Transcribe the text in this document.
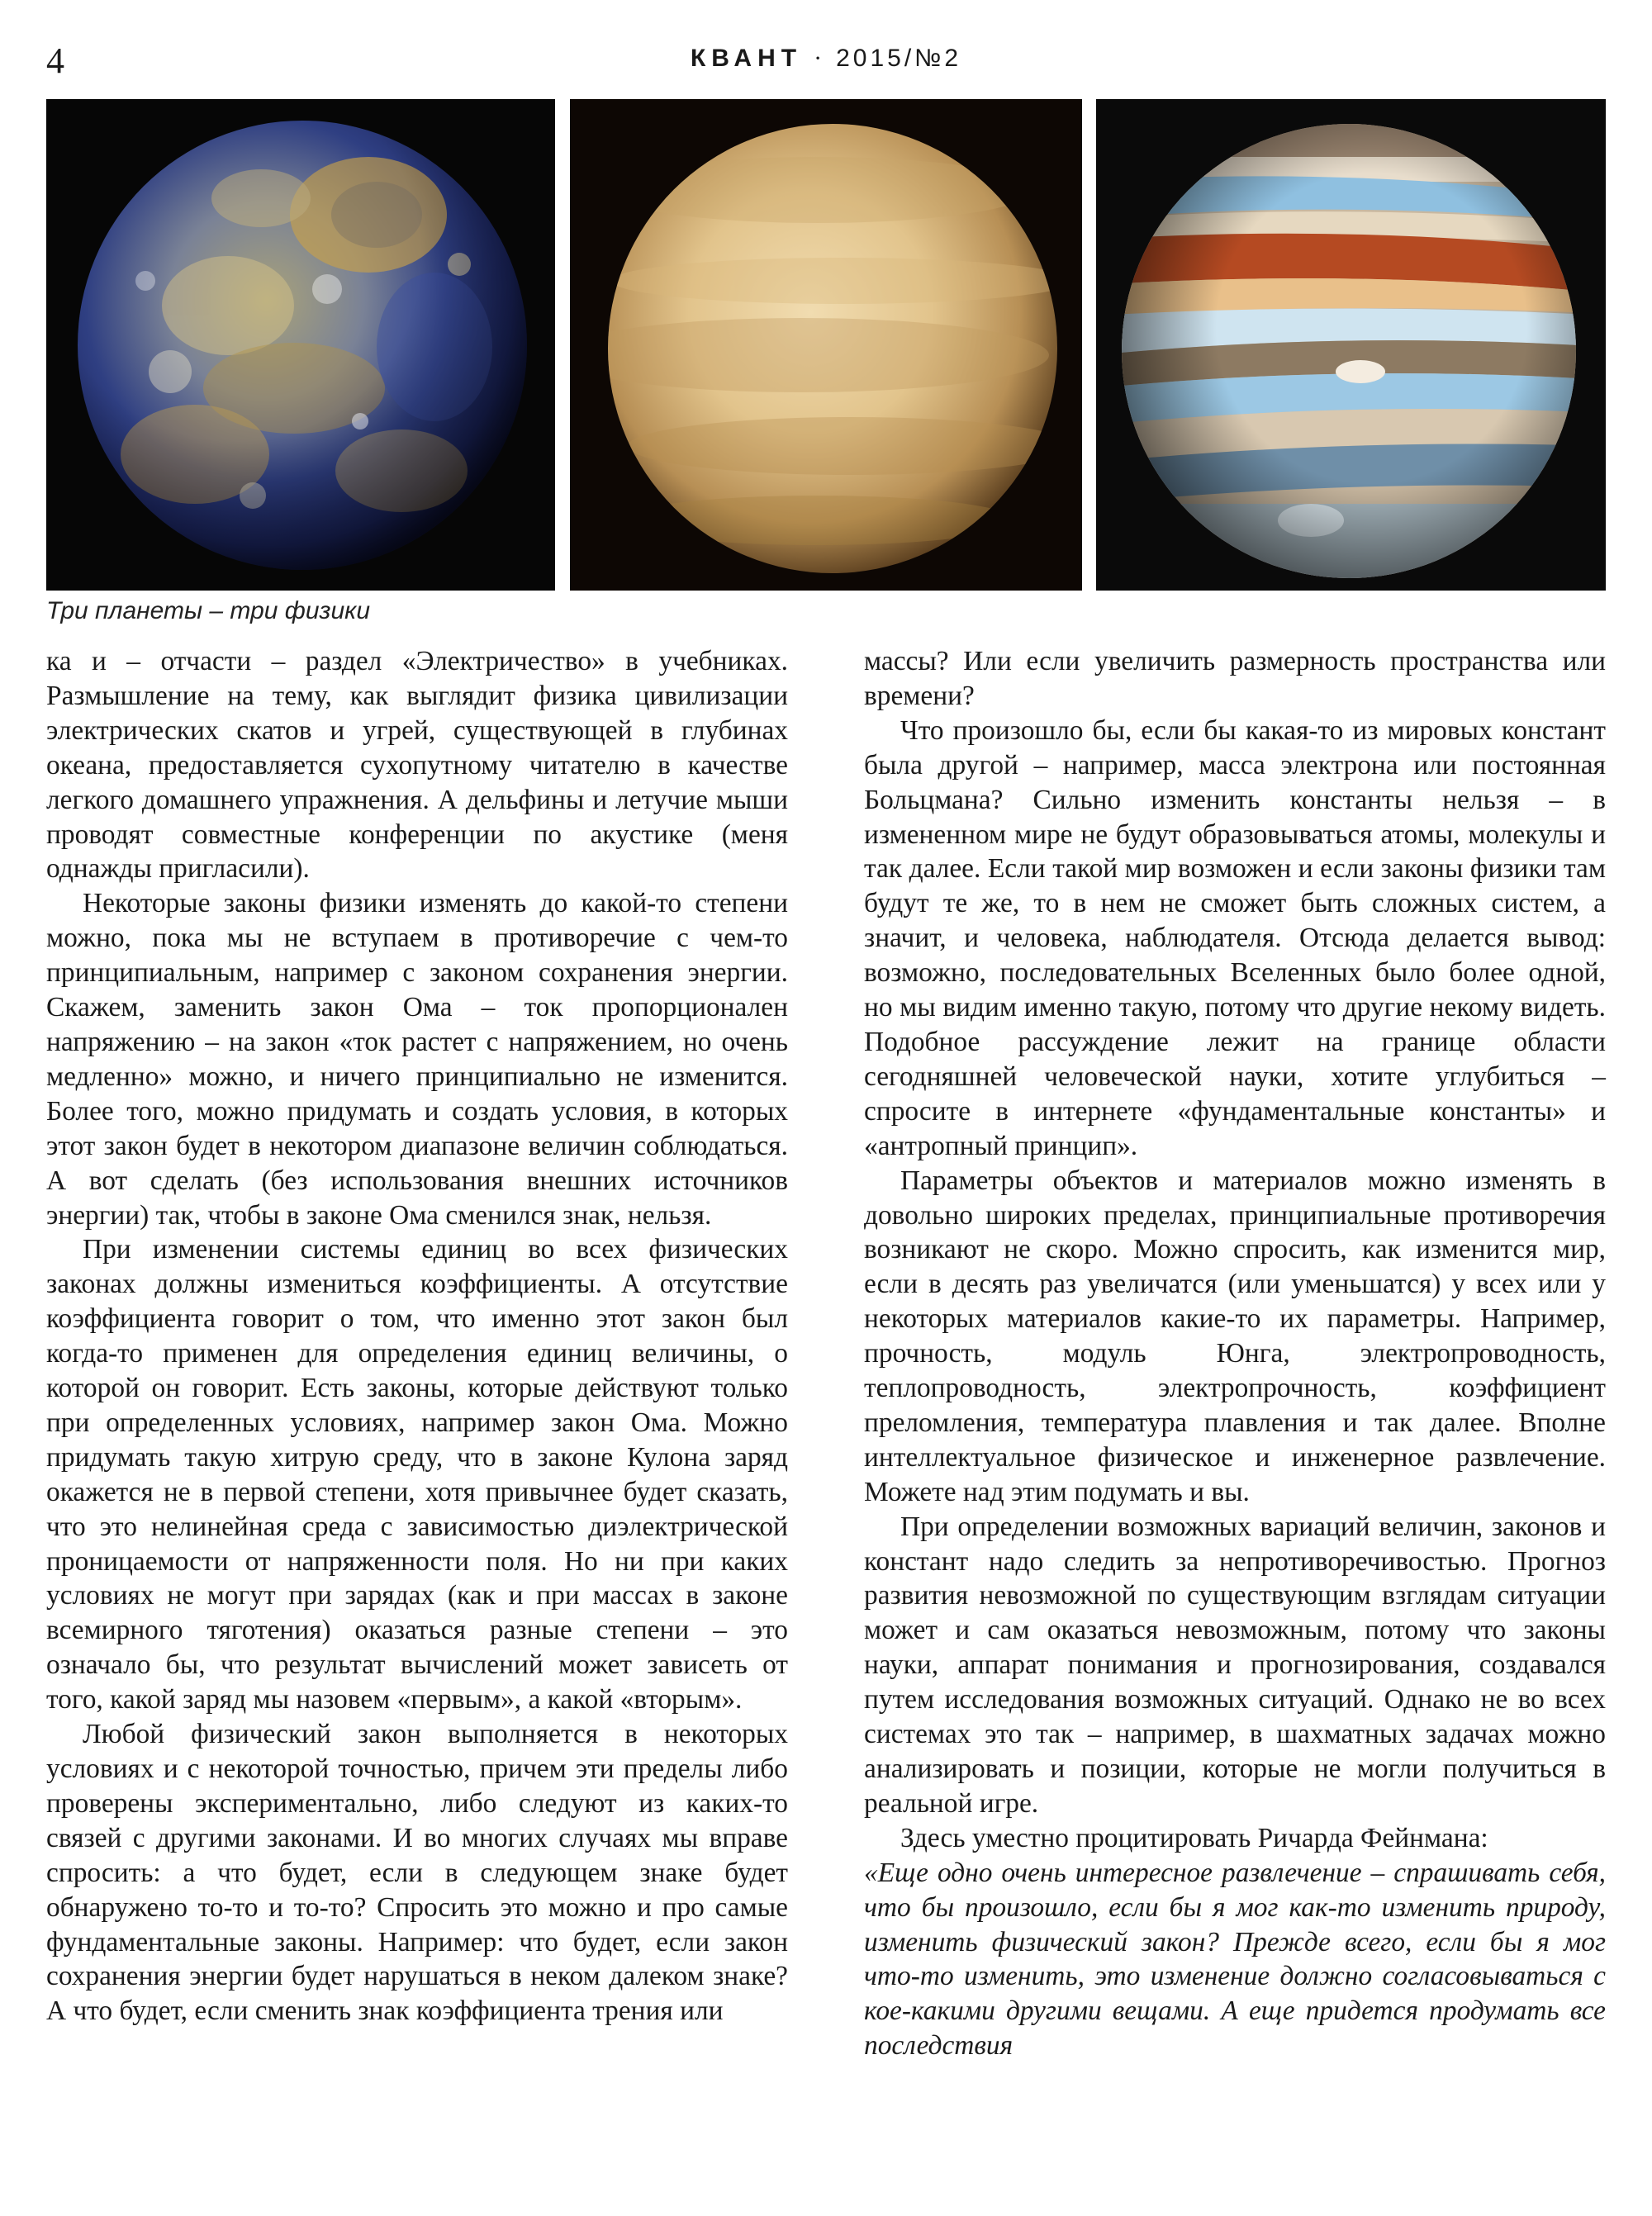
4	КВАНТ · 2015/№2
Три планеты – три физики

ка и – отчасти – раздел «Электричество» в учебниках. Размышление на тему, как выглядит физика цивилизации электрических скатов и угрей, существующей в глубинах океана, предоставляется сухопутному читателю в качестве легкого домашнего упражнения. А дельфины и летучие мыши проводят совместные конференции по акустике (меня однажды пригласили).

Некоторые законы физики изменять до какой-то степени можно, пока мы не вступаем в противоречие с чем-то принципиальным, например с законом сохранения энергии. Скажем, заменить закон Ома – ток пропорционален напряжению – на закон «ток растет с напряжением, но очень медленно» можно, и ничего принципиально не изменится. Более того, можно придумать и создать условия, в которых этот закон будет в некотором диапазоне величин соблюдаться. А вот сделать (без использования внешних источников энергии) так, чтобы в законе Ома сменился знак, нельзя.

При изменении системы единиц во всех физических законах должны измениться коэффициенты. А отсутствие коэффициента говорит о том, что именно этот закон был когда-то применен для определения единиц величины, о которой он говорит. Есть законы, которые действуют только при определенных условиях, например закон Ома. Можно придумать такую хитрую среду, что в законе Кулона заряд окажется не в первой степени, хотя привычнее будет сказать, что это нелинейная среда с зависимостью диэлектрической проницаемости от напряженности поля. Но ни при каких условиях не могут при зарядах (как и при массах в законе всемирного тяготения) оказаться разные степени – это означало бы, что результат вычислений может зависеть от того, какой заряд мы назовем «первым», а какой «вторым».

Любой физический закон выполняется в некоторых условиях и с некоторой точностью, причем эти пределы либо проверены экспериментально, либо следуют из каких-то связей с другими законами. И во многих случаях мы вправе спросить: а что будет, если в следующем знаке будет обнаружено то-то и то-то? Спросить это можно и про самые фундаментальные законы. Например: что будет, если закон сохранения энергии будет нарушаться в неком далеком знаке? А что будет, если сменить знак коэффициента трения или

массы? Или если увеличить размерность пространства или времени?

Что произошло бы, если бы какая-то из мировых констант была другой – например, масса электрона или постоянная Больцмана? Сильно изменить константы нельзя – в измененном мире не будут образовываться атомы, молекулы и так далее. Если такой мир возможен и если законы физики там будут те же, то в нем не сможет быть сложных систем, а значит, и человека, наблюдателя. Отсюда делается вывод: возможно, последовательных Вселенных было более одной, но мы видим именно такую, потому что другие некому видеть. Подобное рассуждение лежит на границе области сегодняшней человеческой науки, хотите углубиться – спросите в интернете «фундаментальные константы» и «антропный принцип».

Параметры объектов и материалов можно изменять в довольно широких пределах, принципиальные противоречия возникают не скоро. Можно спросить, как изменится мир, если в десять раз увеличатся (или уменьшатся) у всех или у некоторых материалов какие-то их параметры. Например, прочность, модуль Юнга, электропроводность, теплопроводность, электропрочность, коэффициент преломления, температура плавления и так далее. Вполне интеллектуальное физическое и инженерное развлечение. Можете над этим подумать и вы.

При определении возможных вариаций величин, законов и констант надо следить за непротиворечивостью. Прогноз развития невозможной по существующим взглядам ситуации может и сам оказаться невозможным, потому что законы науки, аппарат понимания и прогнозирования, создавался путем исследования возможных ситуаций. Однако не во всех системах это так – например, в шахматных задачах можно анализировать и позиции, которые не могли получиться в реальной игре.

Здесь уместно процитировать Ричарда Фейнмана:

«Еще одно очень интересное развлечение – спрашивать себя, что бы произошло, если бы я мог как-то изменить природу, изменить физический закон? Прежде всего, если бы я мог что-то изменить, это изменение должно согласовываться с кое-какими другими вещами. А еще придется продумать все последствия
